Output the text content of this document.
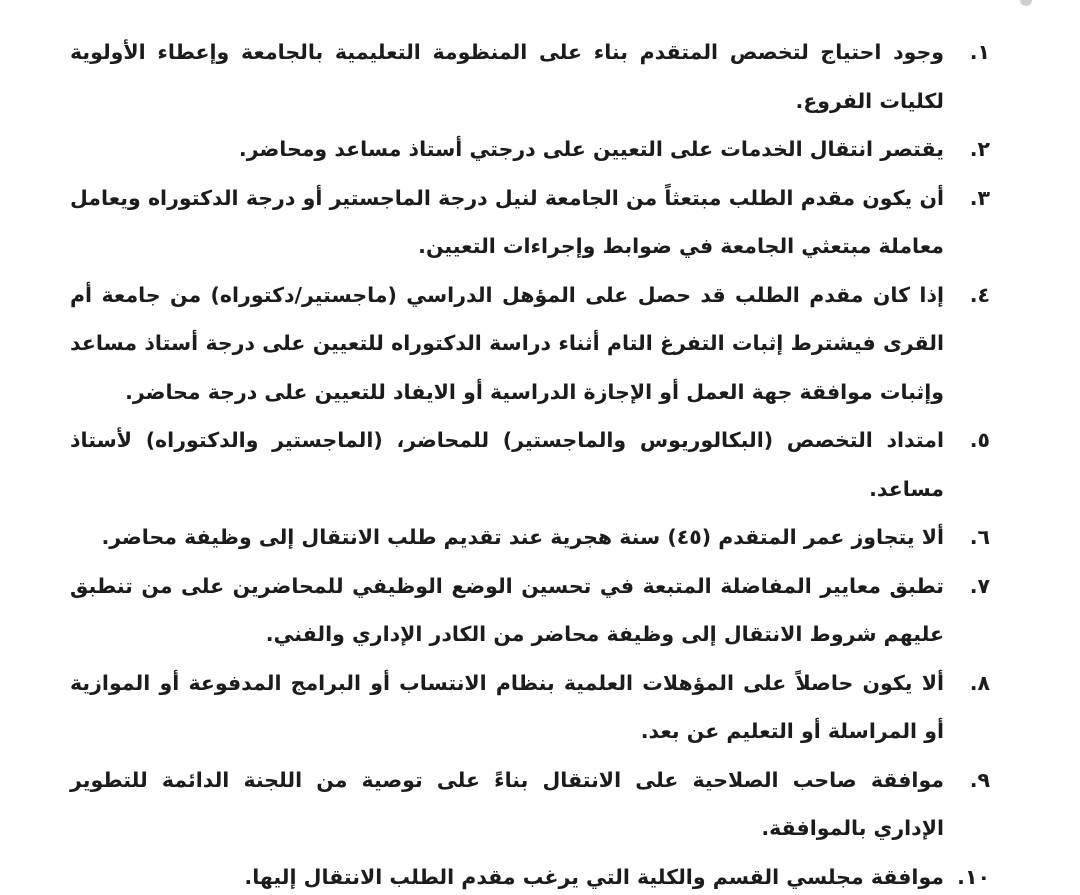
١.
وجود احتياج لتخصص المتقدم بناء على المنظومة التعليمية بالجامعة وإعطاء الأولوية لكليات الفروع.
٢.
يقتصر انتقال الخدمات على التعيين على درجتي أستاذ مساعد ومحاضر.
٣.
أن يكون مقدم الطلب مبتعثاً من الجامعة لنيل درجة الماجستير أو درجة الدكتوراه ويعامل معاملة مبتعثي الجامعة في ضوابط وإجراءات التعيين.
٤.
إذا كان مقدم الطلب قد حصل على المؤهل الدراسي (ماجستير/دكتوراه) من جامعة أم القرى فيشترط إثبات التفرغ التام أثناء دراسة الدكتوراه للتعيين على درجة أستاذ مساعد وإثبات موافقة جهة العمل أو الإجازة الدراسية أو الايفاد للتعيين على درجة محاضر.
٥.
امتداد التخصص (البكالوريوس والماجستير) للمحاضر، (الماجستير والدكتوراه) لأستاذ مساعد.
٦.
ألا يتجاوز عمر المتقدم (٤٥) سنة هجرية عند تقديم طلب الانتقال إلى وظيفة محاضر.
٧.
تطبق معايير المفاضلة المتبعة في تحسين الوضع الوظيفي للمحاضرين على من تنطبق عليهم شروط الانتقال إلى وظيفة محاضر من الكادر الإداري والفني.
٨.
ألا يكون حاصلاً على المؤهلات العلمية بنظام الانتساب أو البرامج المدفوعة أو الموازية أو المراسلة أو التعليم عن بعد.
٩.
موافقة صاحب الصلاحية على الانتقال بناءً على توصية من اللجنة الدائمة للتطوير الإداري بالموافقة.
١٠.
موافقة مجلسي القسم والكلية التي يرغب مقدم الطلب الانتقال إليها.
